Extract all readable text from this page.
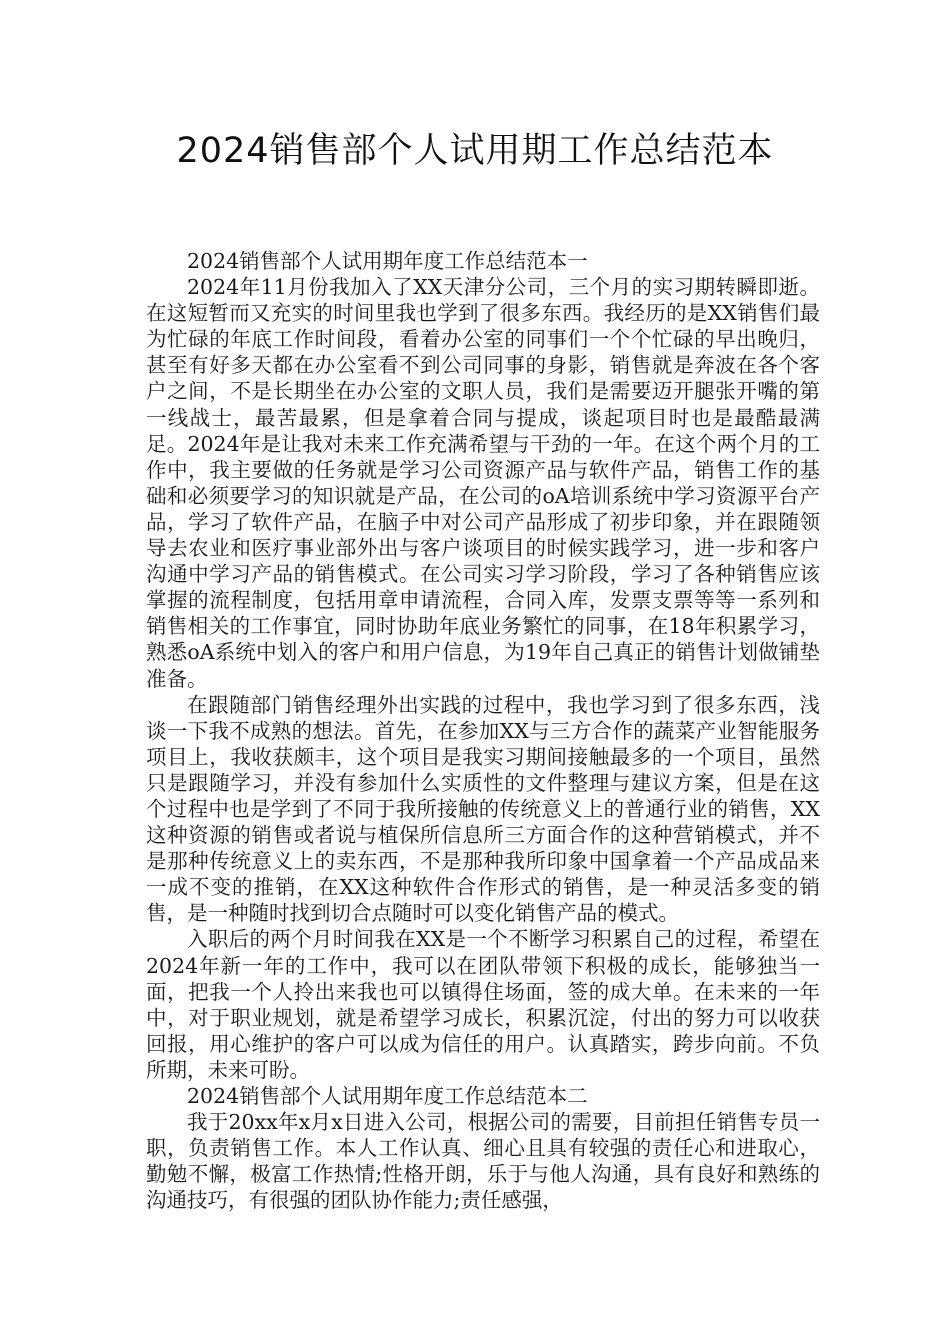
2024销售部个人试用期工作总结范本

2024销售部个人试用期年度工作总结范本一

2024年11月份我加入了XX天津分公司，三个月的实习期转瞬即逝。在这短暂而又充实的时间里我也学到了很多东西。我经历的是XX销售们最为忙碌的年底工作时间段，看着办公室的同事们一个个忙碌的早出晚归，甚至有好多天都在办公室看不到公司同事的身影，销售就是奔波在各个客户之间，不是长期坐在办公室的文职人员，我们是需要迈开腿张开嘴的第一线战士，最苦最累，但是拿着合同与提成，谈起项目时也是最酷最满足。2024年是让我对未来工作充满希望与干劲的一年。在这个两个月的工作中，我主要做的任务就是学习公司资源产品与软件产品，销售工作的基础和必须要学习的知识就是产品，在公司的oA培训系统中学习资源平台产品，学习了软件产品，在脑子中对公司产品形成了初步印象，并在跟随领导去农业和医疗事业部外出与客户谈项目的时候实践学习，进一步和客户沟通中学习产品的销售模式。在公司实习学习阶段，学习了各种销售应该掌握的流程制度，包括用章申请流程，合同入库，发票支票等等一系列和销售相关的工作事宜，同时协助年底业务繁忙的同事，在18年积累学习，熟悉oA系统中划入的客户和用户信息，为19年自己真正的销售计划做铺垫准备。

在跟随部门销售经理外出实践的过程中，我也学习到了很多东西，浅谈一下我不成熟的想法。首先，在参加XX与三方合作的蔬菜产业智能服务项目上，我收获颇丰，这个项目是我实习期间接触最多的一个项目，虽然只是跟随学习，并没有参加什么实质性的文件整理与建议方案，但是在这个过程中也是学到了不同于我所接触的传统意义上的普通行业的销售，XX这种资源的销售或者说与植保所信息所三方面合作的这种营销模式，并不是那种传统意义上的卖东西，不是那种我所印象中国拿着一个产品成品来一成不变的推销，在XX这种软件合作形式的销售，是一种灵活多变的销售，是一种随时找到切合点随时可以变化销售产品的模式。

入职后的两个月时间我在XX是一个不断学习积累自己的过程，希望在2024年新一年的工作中，我可以在团队带领下积极的成长，能够独当一面，把我一个人拎出来我也可以镇得住场面，签的成大单。在未来的一年中，对于职业规划，就是希望学习成长，积累沉淀，付出的努力可以收获回报，用心维护的客户可以成为信任的用户。认真踏实，跨步向前。不负所期，未来可盼。

2024销售部个人试用期年度工作总结范本二

我于20xx年x月x日进入公司，根据公司的需要，目前担任销售专员一职，负责销售工作。本人工作认真、细心且具有较强的责任心和进取心，勤勉不懈，极富工作热情;性格开朗，乐于与他人沟通，具有良好和熟练的沟通技巧，有很强的团队协作能力;责任感强，
